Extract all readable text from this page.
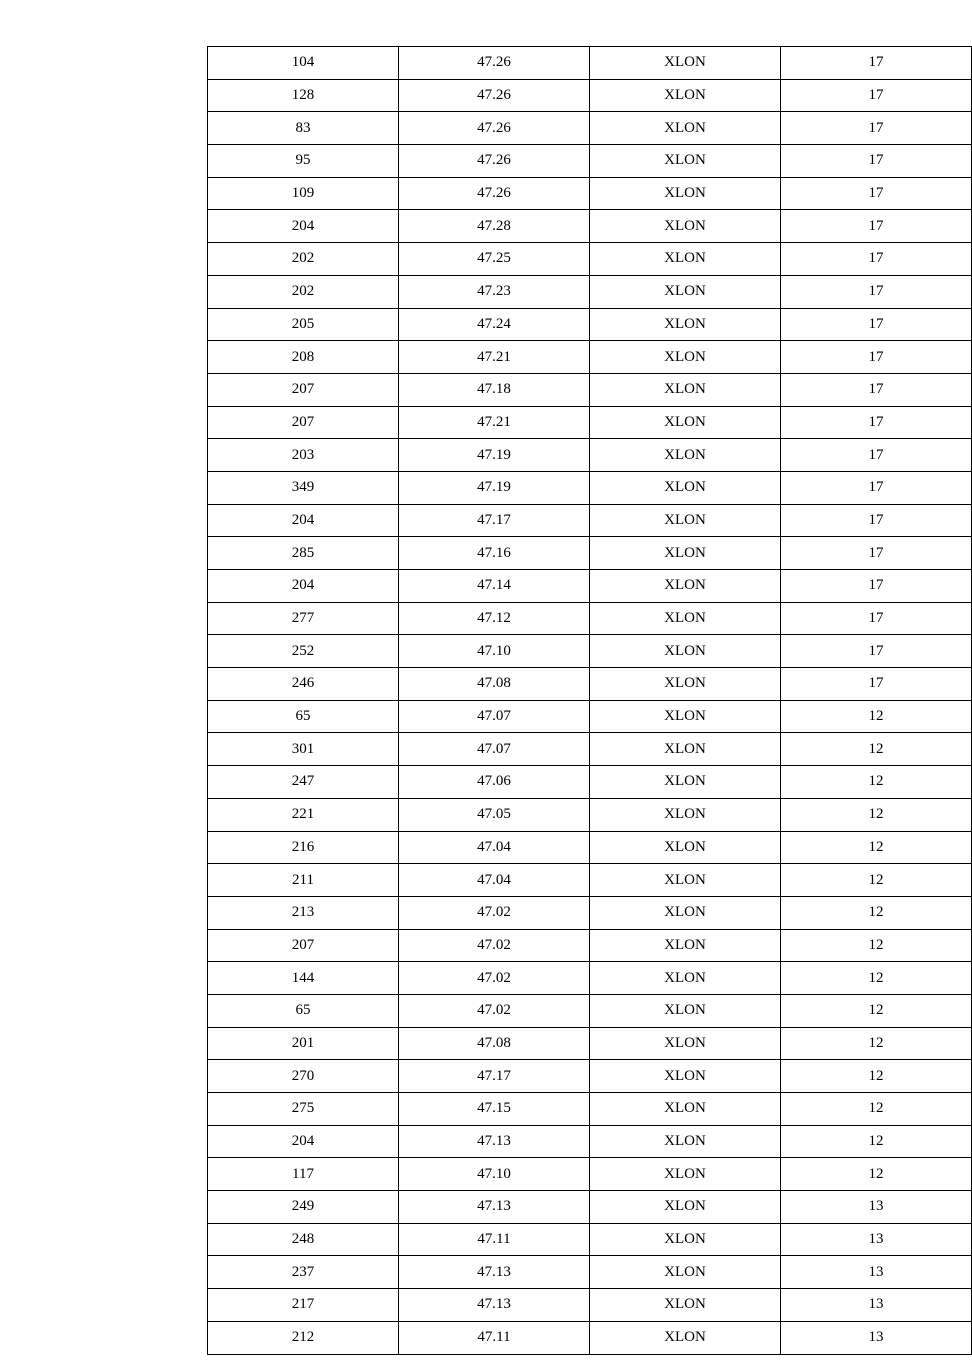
104	47.26	XLON	17
128	47.26	XLON	17
83	47.26	XLON	17
95	47.26	XLON	17
109	47.26	XLON	17
204	47.28	XLON	17
202	47.25	XLON	17
202	47.23	XLON	17
205	47.24	XLON	17
208	47.21	XLON	17
207	47.18	XLON	17
207	47.21	XLON	17
203	47.19	XLON	17
349	47.19	XLON	17
204	47.17	XLON	17
285	47.16	XLON	17
204	47.14	XLON	17
277	47.12	XLON	17
252	47.10	XLON	17
246	47.08	XLON	17
65	47.07	XLON	12
301	47.07	XLON	12
247	47.06	XLON	12
221	47.05	XLON	12
216	47.04	XLON	12
211	47.04	XLON	12
213	47.02	XLON	12
207	47.02	XLON	12
144	47.02	XLON	12
65	47.02	XLON	12
201	47.08	XLON	12
270	47.17	XLON	12
275	47.15	XLON	12
204	47.13	XLON	12
117	47.10	XLON	12
249	47.13	XLON	13
248	47.11	XLON	13
237	47.13	XLON	13
217	47.13	XLON	13
212	47.11	XLON	13
